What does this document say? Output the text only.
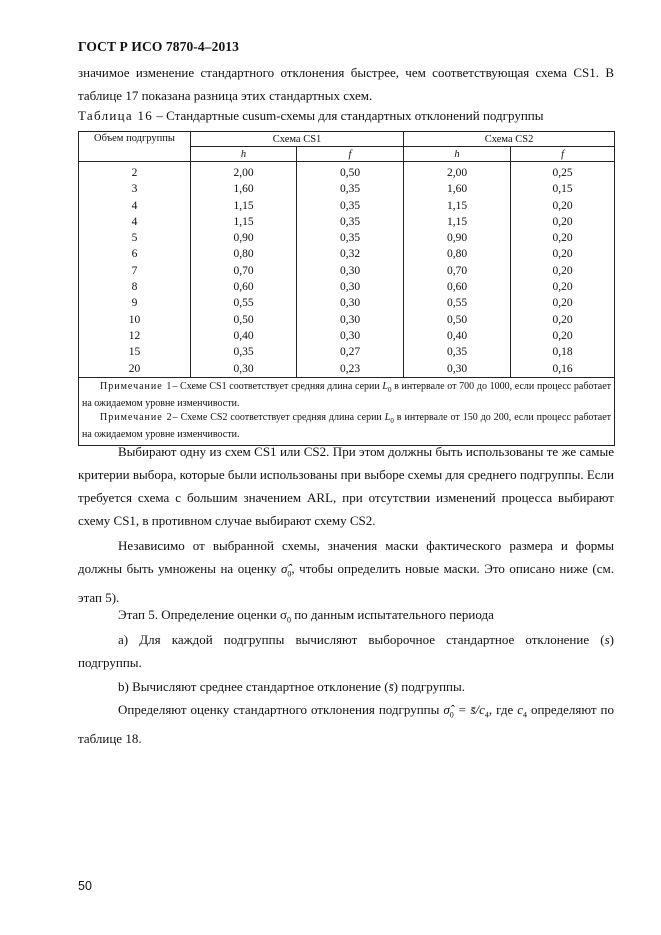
ГОСТ Р ИСО 7870-4–2013
значимое изменение стандартного отклонения быстрее, чем соответствующая схема CS1. В таблице 17 показана разница этих стандартных схем.
Таблица 16 – Стандартные cusum-схемы для стандартных отклонений подгруппы
Объем подгруппы	Схема CS1		Схема CS2	
	h	f	h	f
2	2,00	0,50	2,00	0,25
3	1,60	0,35	1,60	0,15
4	1,15	0,35	1,15	0,20
4	1,15	0,35	1,15	0,20
5	0,90	0,35	0,90	0,20
6	0,80	0,32	0,80	0,20
7	0,70	0,30	0,70	0,20
8	0,60	0,30	0,60	0,20
9	0,55	0,30	0,55	0,20
10	0,50	0,30	0,50	0,20
12	0,40	0,30	0,40	0,20
15	0,35	0,27	0,35	0,18
20	0,30	0,23	0,30	0,16

Примечание 1– Схеме CS1 соответствует средняя длина серии $L_0$ в интервале от 700 до 1000, если процесс работает на ожидаемом уровне изменчивости.
Примечание 2– Схеме CS2 соответствует средняя длина серии $L_0$ в интервале от 150 до 200, если процесс работает на ожидаемом уровне изменчивости.				
Выбирают одну из схем CS1 или CS2. При этом должны быть использованы те же самые критерии выбора, которые были использованы при выборе схемы для среднего подгруппы. Если требуется схема с большим значением ARL, при отсутствии изменений процесса выбирают схему CS1, в противном случае выбирают схему CS2.
Независимо от выбранной схемы, значения маски фактического размера и формы должны быть умножены на оценку $\sigmâ_0$, чтобы определить новые маски. Это описано ниже (см. этап 5).
Этап 5. Определение оценки $\sigma_0$ по данным испытательного периода
a) Для каждой подгруппы вычисляют выборочное стандартное отклонение (s) подгруппы.
b) Вычисляют среднее стандартное отклонение (s̄) подгруппы.
Определяют оценку стандартного отклонения подгруппы $\sigmâ_0$ = $s̄/c_4$, где $c_4$ определяют по таблице 18.
50
